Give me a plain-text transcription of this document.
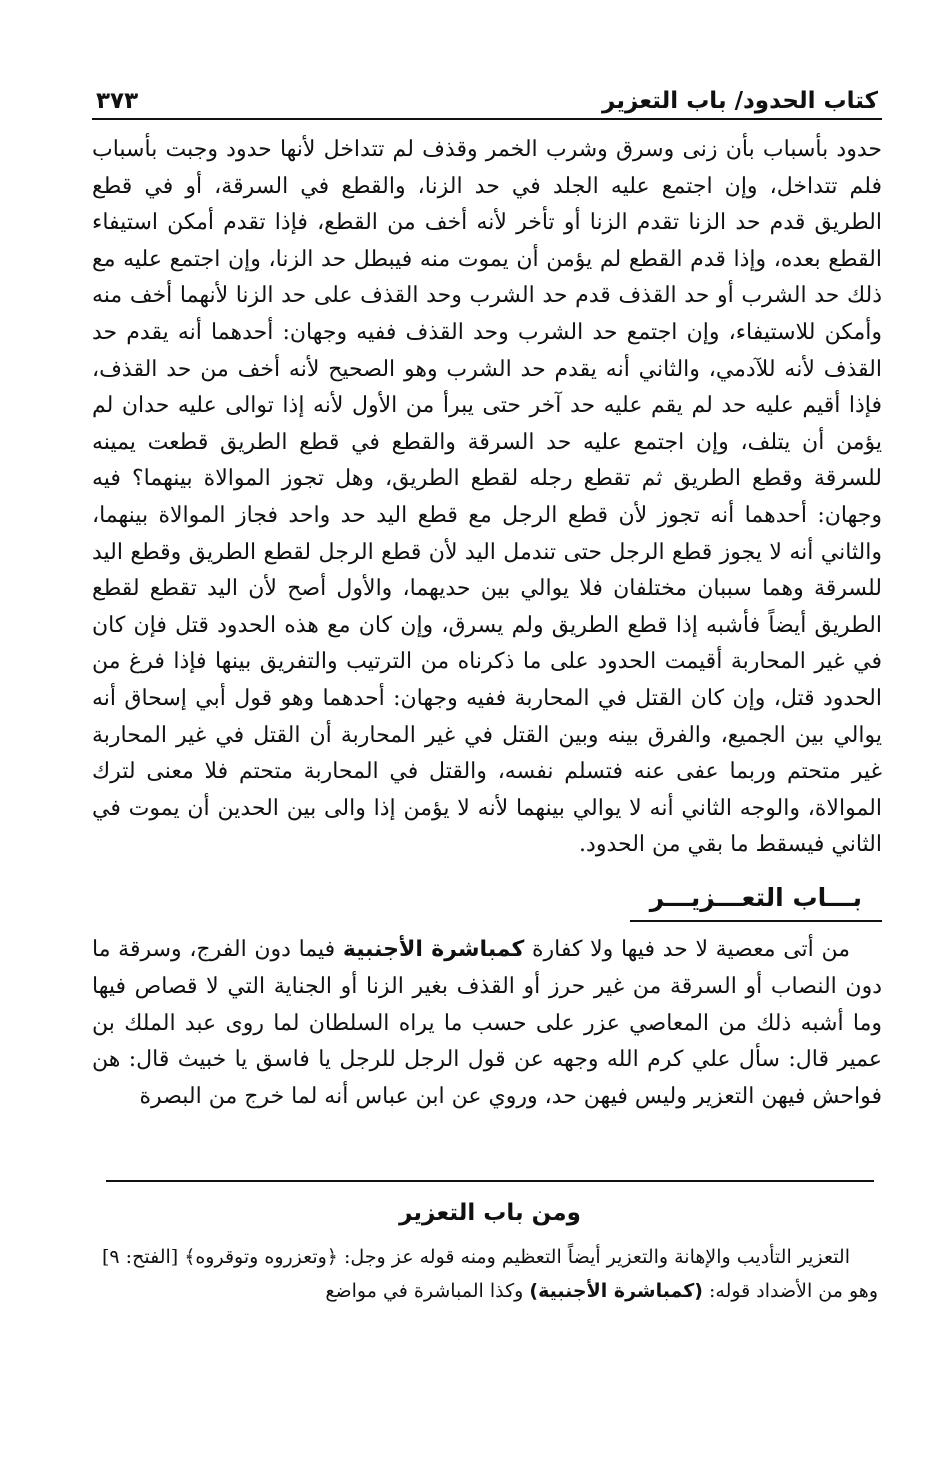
كتاب الحدود/ باب التعزير
٣٧٣

حدود بأسباب بأن زنى وسرق وشرب الخمر وقذف لم تتداخل لأنها حدود وجبت بأسباب فلم تتداخل، وإن اجتمع عليه الجلد في حد الزنا، والقطع في السرقة، أو في قطع الطريق قدم حد الزنا تقدم الزنا أو تأخر لأنه أخف من القطع، فإذا تقدم أمكن استيفاء القطع بعده، وإذا قدم القطع لم يؤمن أن يموت منه فيبطل حد الزنا، وإن اجتمع عليه مع ذلك حد الشرب أو حد القذف قدم حد الشرب وحد القذف على حد الزنا لأنهما أخف منه وأمكن للاستيفاء، وإن اجتمع حد الشرب وحد القذف ففيه وجهان: أحدهما أنه يقدم حد القذف لأنه للآدمي، والثاني أنه يقدم حد الشرب وهو الصحيح لأنه أخف من حد القذف، فإذا أقيم عليه حد لم يقم عليه حد آخر حتى يبرأ من الأول لأنه إذا توالى عليه حدان لم يؤمن أن يتلف، وإن اجتمع عليه حد السرقة والقطع في قطع الطريق قطعت يمينه للسرقة وقطع الطريق ثم تقطع رجله لقطع الطريق، وهل تجوز الموالاة بينهما؟ فيه وجهان: أحدهما أنه تجوز لأن قطع الرجل مع قطع اليد حد واحد فجاز الموالاة بينهما، والثاني أنه لا يجوز قطع الرجل حتى تندمل اليد لأن قطع الرجل لقطع الطريق وقطع اليد للسرقة وهما سببان مختلفان فلا يوالي بين حديهما، والأول أصح لأن اليد تقطع لقطع الطريق أيضاً فأشبه إذا قطع الطريق ولم يسرق، وإن كان مع هذه الحدود قتل فإن كان في غير المحاربة أقيمت الحدود على ما ذكرناه من الترتيب والتفريق بينها فإذا فرغ من الحدود قتل، وإن كان القتل في المحاربة ففيه وجهان: أحدهما وهو قول أبي إسحاق أنه يوالي بين الجميع، والفرق بينه وبين القتل في غير المحاربة أن القتل في غير المحاربة غير متحتم وربما عفى عنه فتسلم نفسه، والقتل في المحاربة متحتم فلا معنى لترك الموالاة، والوجه الثاني أنه لا يوالي بينهما لأنه لا يؤمن إذا والى بين الحدين أن يموت في الثاني فيسقط ما بقي من الحدود.

بـــاب التعـــزيـــر

من أتى معصية لا حد فيها ولا كفارة كمباشرة الأجنبية فيما دون الفرج، وسرقة ما دون النصاب أو السرقة من غير حرز أو القذف بغير الزنا أو الجناية التي لا قصاص فيها وما أشبه ذلك من المعاصي عزر على حسب ما يراه السلطان لما روى عبد الملك بن عمير قال: سأل علي كرم الله وجهه عن قول الرجل للرجل يا فاسق يا خبيث قال: هن فواحش فيهن التعزير وليس فيهن حد، وروي عن ابن عباس أنه لما خرج من البصرة

ومن باب التعزير

التعزير التأديب والإهانة والتعزير أيضاً التعظيم ومنه قوله عز وجل: ﴿وتعزروه وتوقروه﴾ [الفتح: ٩] وهو من الأضداد قوله: (كمباشرة الأجنبية) وكذا المباشرة في مواضع
